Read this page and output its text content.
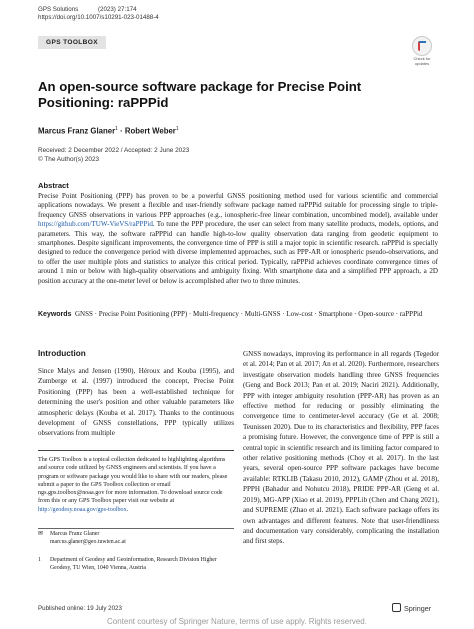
GPS Solutions	(2023) 27:174
https://doi.org/10.1007/s10291-023-01488-4
GPS TOOLBOX
Check for updates
An open-source software package for Precise Point Positioning: raPPPid
Marcus Franz Glaner$^1$ · Robert Weber$^1$
Received: 2 December 2022 / Accepted: 2 June 2023
© The Author(s) 2023
Abstract
Precise Point Positioning (PPP) has proven to be a powerful GNSS positioning method used for various scientific and commercial applications nowadays. We present a flexible and user-friendly software package named raPPPid suitable for processing single to triple-frequency GNSS observations in various PPP approaches (e.g., ionospheric-free linear combination, uncombined model), available under https://github.com/TUW-VieVS/raPPPid. To tune the PPP procedure, the user can select from many satellite products, models, options, and parameters. This way, the software raPPPid can handle high-to-low quality observation data ranging from geodetic equipment to smartphones. Despite significant improvements, the convergence time of PPP is still a major topic in scientific research. raPPPid is specially designed to reduce the convergence period with diverse implemented approaches, such as PPP-AR or ionospheric pseudo-observations, and to offer the user multiple plots and statistics to analyze this critical period. Typically, raPPPid achieves coordinate convergence times of around 1 min or below with high-quality observations and ambiguity fixing. With smartphone data and a simplified PPP approach, a 2D position accuracy at the one-meter level or below is accomplished after two to three minutes.
Keywords GNSS · Precise Point Positioning (PPP) · Multi-frequency · Multi-GNSS · Low-cost · Smartphone · Open-source · raPPPid
Introduction
Since Malys and Jensen (1990), Héroux and Kouba (1995), and Zumberge et al. (1997) introduced the concept, Precise Point Positioning (PPP) has been a well-established technique for determining the user's position and other valuable parameters like atmospheric delays (Kouba et al. 2017). Thanks to the continuous development of GNSS constellations, PPP typically utilizes observations from multiple
GNSS nowadays, improving its performance in all regards (Tegedor et al. 2014; Pan et al. 2017; An et al. 2020). Furthermore, researchers investigate observation models handling three GNSS frequencies (Geng and Bock 2013; Pan et al. 2019; Naciri 2021). Additionally, PPP with integer ambiguity resolution (PPP-AR) has proven as an effective method for reducing or possibly eliminating the convergence time to centimeter-level accuracy (Ge et al. 2008; Teunissen 2020). Due to its characteristics and flexibility, PPP faces a promising future. However, the convergence time of PPP is still a central topic in scientific research and its limiting factor compared to other relative positioning methods (Choy et al. 2017). In the last years, several open-source PPP software packages have become available: RTKLIB (Takasu 2010, 2012), GAMP (Zhou et al. 2018), PPPH (Bahadur and Nohutcu 2018), PRIDE PPP-AR (Geng et al. 2019), MG-APP (Xiao et al. 2019), PPPLib (Chen and Chang 2021), and SUPREME (Zhao et al. 2021). Each software package offers its own advantages and different features. Note that user-friendliness and documentation vary considerably, complicating the installation and first steps.
The GPS Toolbox is a topical collection dedicated to highlighting algorithms and source code utilized by GNSS engineers and scientists. If you have a program or software package you would like to share with our readers, please submit a paper to the GPS Toolbox collection or email ngs.gps.toolbox@noaa.gov for more information. To download source code from this or any GPS Toolbox paper visit our website at http://geodesy.noaa.gov/gps-toolbox.
✉	Marcus Franz Glaner
marcus.glaner@geo.tuwien.ac.at
1	Department of Geodesy and Geoinformation, Research Division Higher Geodesy, TU Wien, 1040 Vienna, Austria
Published online: 19 July 2023	Springer
Content courtesy of Springer Nature, terms of use apply. Rights reserved.
